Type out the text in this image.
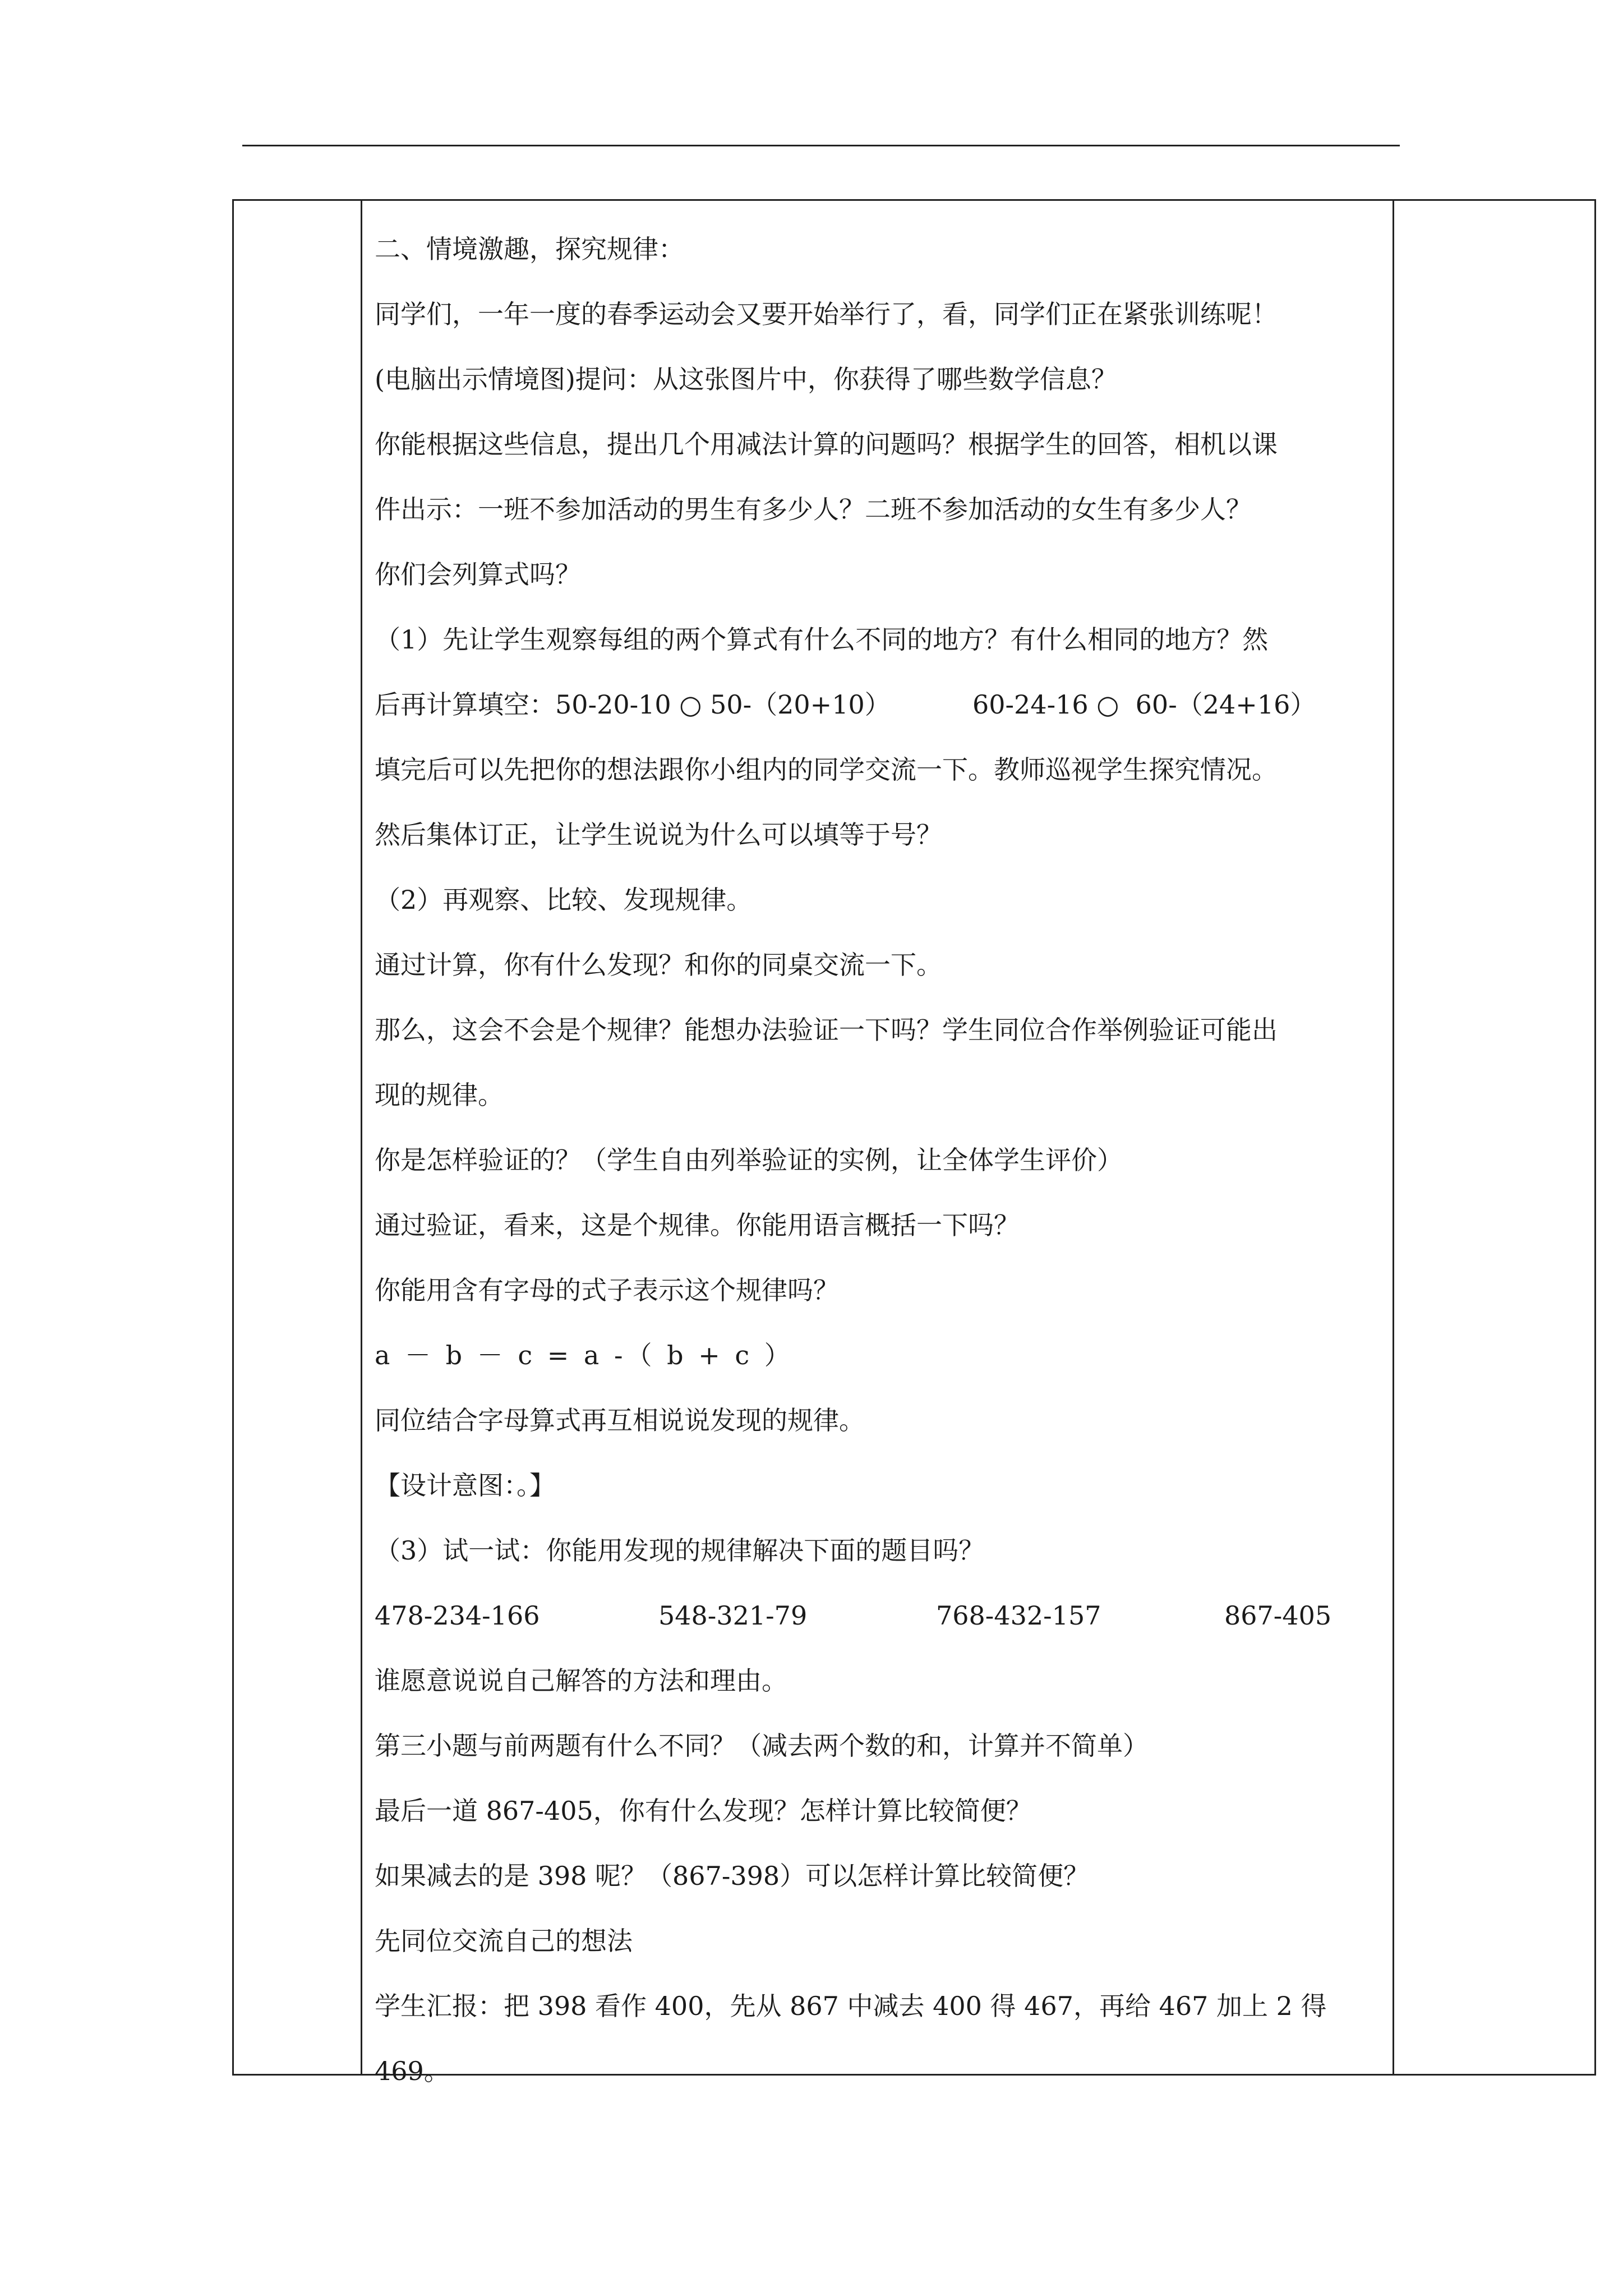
二、情境激趣，探究规律：
同学们，一年一度的春季运动会又要开始举行了，看，同学们正在紧张训练呢！
(电脑出示情境图)提问：从这张图片中，你获得了哪些数学信息？
你能根据这些信息，提出几个用减法计算的问题吗？根据学生的回答，相机以课
件出示：一班不参加活动的男生有多少人？二班不参加活动的女生有多少人？
你们会列算式吗？
（1）先让学生观察每组的两个算式有什么不同的地方？有什么相同的地方？然
后再计算填空：50-20-10 ○ 50-（20+10）          60-24-16 ○  60-（24+16）
填完后可以先把你的想法跟你小组内的同学交流一下。教师巡视学生探究情况。
然后集体订正，让学生说说为什么可以填等于号？
（2）再观察、比较、发现规律。
通过计算，你有什么发现？和你的同桌交流一下。
那么，这会不会是个规律？能想办法验证一下吗？学生同位合作举例验证可能出
现的规律。
你是怎样验证的？（学生自由列举验证的实例，让全体学生评价）
通过验证，看来，这是个规律。你能用语言概括一下吗？
你能用含有字母的式子表示这个规律吗？
a － b － c = a -（ b + c ）
同位结合字母算式再互相说说发现的规律。
【设计意图：。】
（3）试一试：你能用发现的规律解决下面的题目吗？
478-234-166	548-321-79	768-432-157	867-405
谁愿意说说自己解答的方法和理由。
第三小题与前两题有什么不同？（减去两个数的和，计算并不简单）
最后一道 867-405，你有什么发现？怎样计算比较简便？
如果减去的是 398 呢？（867-398）可以怎样计算比较简便？
先同位交流自己的想法
学生汇报：把 398 看作 400，先从 867 中减去 400 得 467，再给 467 加上 2 得
469。
